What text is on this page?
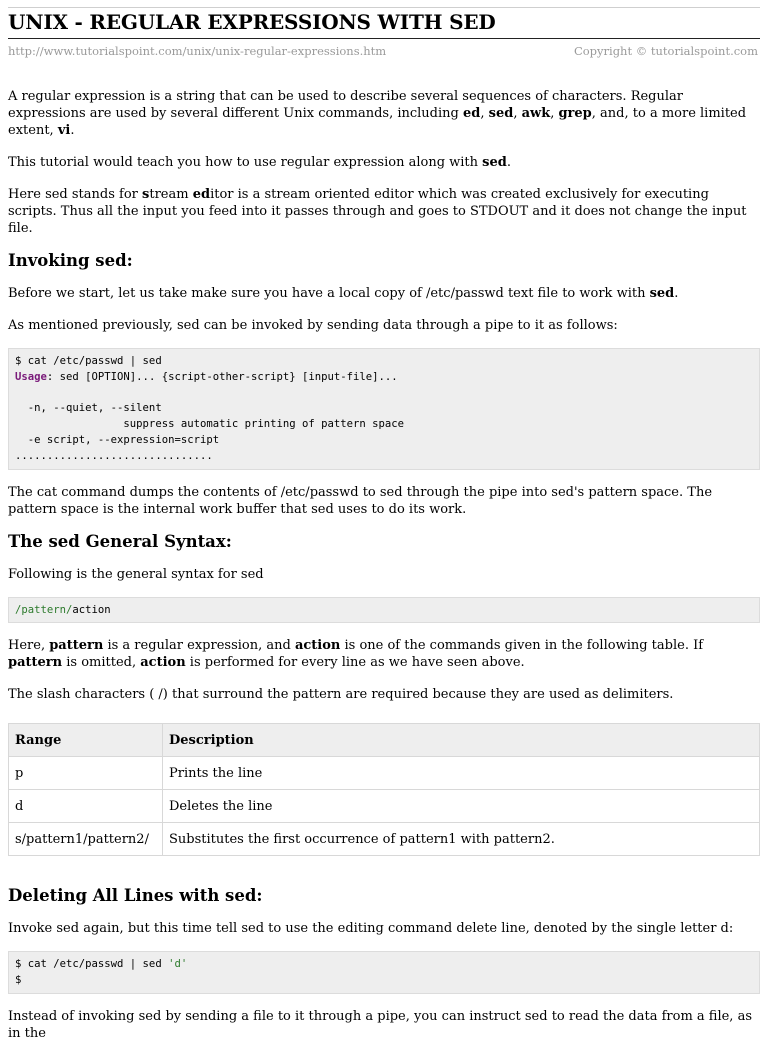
UNIX - REGULAR EXPRESSIONS WITH SED
http://www.tutorialspoint.com/unix/unix-regular-expressions.htm	Copyright © tutorialspoint.com

A regular expression is a string that can be used to describe several sequences of characters. Regular expressions are used by several different Unix commands, including ed, sed, awk, grep, and, to a more limited extent, vi.

This tutorial would teach you how to use regular expression along with sed.

Here sed stands for stream editor is a stream oriented editor which was created exclusively for executing scripts. Thus all the input you feed into it passes through and goes to STDOUT and it does not change the input file.

Invoking sed:

Before we start, let us take make sure you have a local copy of /etc/passwd text file to work with sed.

As mentioned previously, sed can be invoked by sending data through a pipe to it as follows:

$ cat /etc/passwd | sed
Usage: sed [OPTION]... {script-other-script} [input-file]...

-n, --quiet, --silent
suppress automatic printing of pattern space
-e script, --expression=script
...............................

The cat command dumps the contents of /etc/passwd to sed through the pipe into sed's pattern space. The pattern space is the internal work buffer that sed uses to do its work.

The sed General Syntax:

Following is the general syntax for sed

/pattern/action

Here, pattern is a regular expression, and action is one of the commands given in the following table. If pattern is omitted, action is performed for every line as we have seen above.

The slash characters ( /) that surround the pattern are required because they are used as delimiters.

Range	Description
p	Prints the line
d	Deletes the line
s/pattern1/pattern2/	Substitutes the first occurrence of pattern1 with pattern2.
Deleting All Lines with sed:

Invoke sed again, but this time tell sed to use the editing command delete line, denoted by the single letter d:

$ cat /etc/passwd | sed 'd'
$

Instead of invoking sed by sending a file to it through a pipe, you can instruct sed to read the data from a file, as in the
